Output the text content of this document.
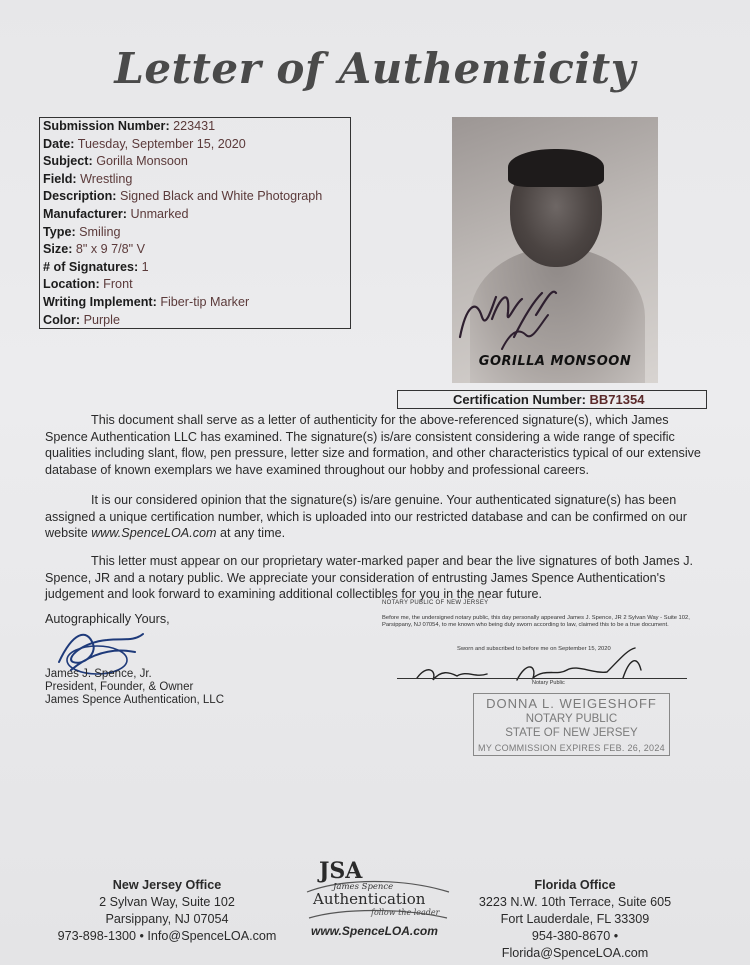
Letter of Authenticity
Submission Number: 223431
Date: Tuesday, September 15, 2020
Subject: Gorilla Monsoon
Field: Wrestling
Description: Signed Black and White Photograph
Manufacturer: Unmarked
Type: Smiling
Size: 8" x 9 7/8" V
# of Signatures: 1
Location: Front
Writing Implement: Fiber-tip Marker
Color: Purple
GORILLA MONSOON
Certification Number: BB71354
This document shall serve as a letter of authenticity for the above-referenced signature(s), which James Spence Authentication LLC has examined. The signature(s) is/are consistent considering a wide range of specific qualities including slant, flow, pen pressure, letter size and formation, and other characteristics typical of our extensive database of known exemplars we have examined throughout our hobby and professional careers.
It is our considered opinion that the signature(s) is/are genuine. Your authenticated signature(s) has been assigned a unique certification number, which is uploaded into our restricted database and can be confirmed on our website www.SpenceLOA.com at any time.
This letter must appear on our proprietary water-marked paper and bear the live signatures of both James J. Spence, JR and a notary public. We appreciate your consideration of entrusting James Spence Authentication's judgement and look forward to examining additional collectibles for you in the near future.
Autographically Yours,
James J. Spence, Jr.
President, Founder, & Owner
James Spence Authentication, LLC
NOTARY PUBLIC OF NEW JERSEY
Before me, the undersigned notary public, this day personally appeared James J. Spence, JR 2 Sylvan Way - Suite 102, Parsippany, NJ 07054, to me known who being duly sworn according to law, claimed this to be a true document.
Sworn and subscribed to before me on September 15, 2020
Notary Public
DONNA L. WEIGESHOFF
NOTARY PUBLIC
STATE OF NEW JERSEY
MY COMMISSION EXPIRES FEB. 26, 2024
New Jersey Office
2 Sylvan Way, Suite 102
Parsippany, NJ 07054
973-898-1300 • Info@SpenceLOA.com
JSA
James Spence
Authentication
follow the leader
www.SpenceLOA.com
Florida Office
3223 N.W. 10th Terrace, Suite 605
Fort Lauderdale, FL 33309
954-380-8670 • Florida@SpenceLOA.com
